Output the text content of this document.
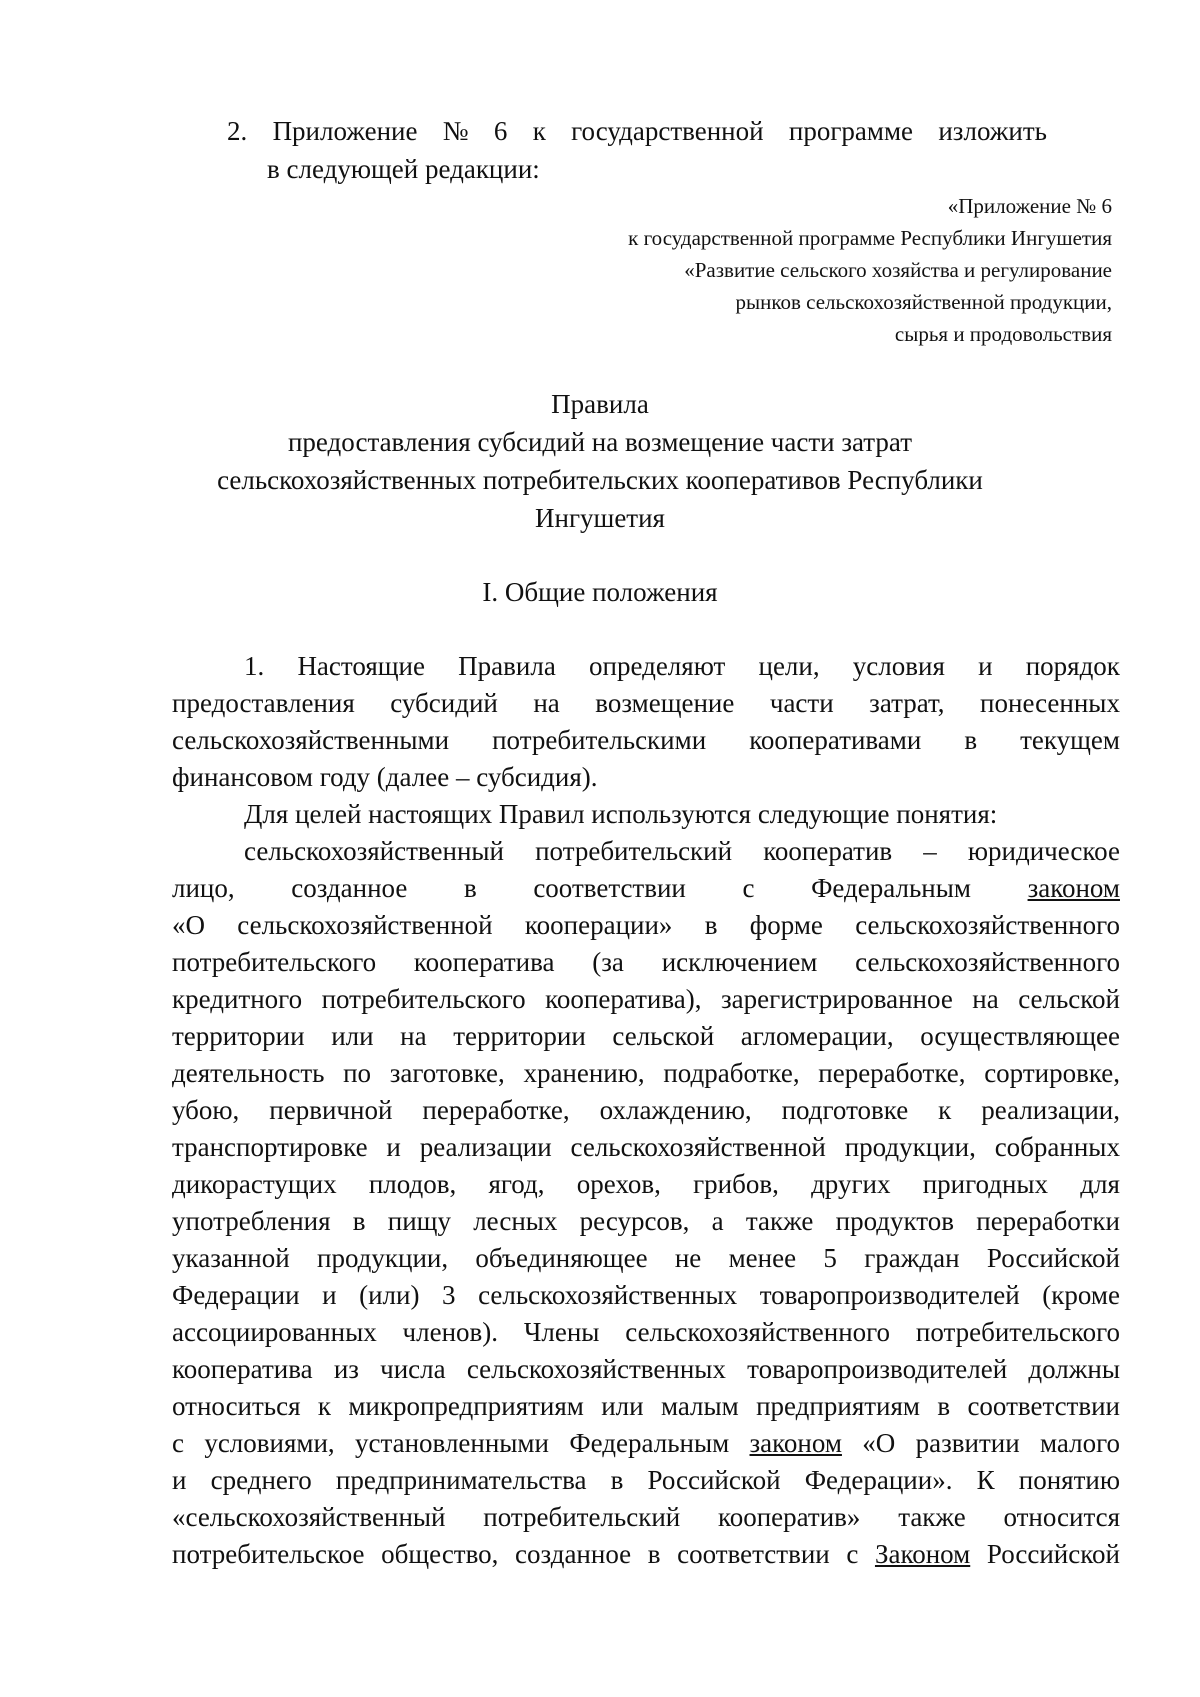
2. Приложение № 6 к государственной программе изложить
в следующей редакции:
«Приложение № 6
к государственной программе Республики Ингушетия
«Развитие сельского хозяйства и регулирование
рынков сельскохозяйственной продукции,
сырья и продовольствия
Правила
предоставления субсидий на возмещение части затрат
сельскохозяйственных потребительских кооперативов Республики
Ингушетия
I. Общие положения
1. Настоящие Правила определяют цели, условия и порядок
предоставления субсидий на возмещение части затрат, понесенных
сельскохозяйственными потребительскими кооперативами в текущем
финансовом году (далее – субсидия).
Для целей настоящих Правил используются следующие понятия:
сельскохозяйственный потребительский кооператив – юридическое
лицо, созданное в соответствии с Федеральным законом
«О сельскохозяйственной кооперации» в форме сельскохозяйственного
потребительского кооператива (за исключением сельскохозяйственного
кредитного потребительского кооператива), зарегистрированное на сельской
территории или на территории сельской агломерации, осуществляющее
деятельность по заготовке, хранению, подработке, переработке, сортировке,
убою, первичной переработке, охлаждению, подготовке к реализации,
транспортировке и реализации сельскохозяйственной продукции, собранных
дикорастущих плодов, ягод, орехов, грибов, других пригодных для
употребления в пищу лесных ресурсов, а также продуктов переработки
указанной продукции, объединяющее не менее 5 граждан Российской
Федерации и (или) 3 сельскохозяйственных товаропроизводителей (кроме
ассоциированных членов). Члены сельскохозяйственного потребительского
кооператива из числа сельскохозяйственных товаропроизводителей должны
относиться к микропредприятиям или малым предприятиям в соответствии
с условиями, установленными Федеральным законом «О развитии малого
и среднего предпринимательства в Российской Федерации». К понятию
«сельскохозяйственный потребительский кооператив» также относится
потребительское общество, созданное в соответствии с Законом Российской
